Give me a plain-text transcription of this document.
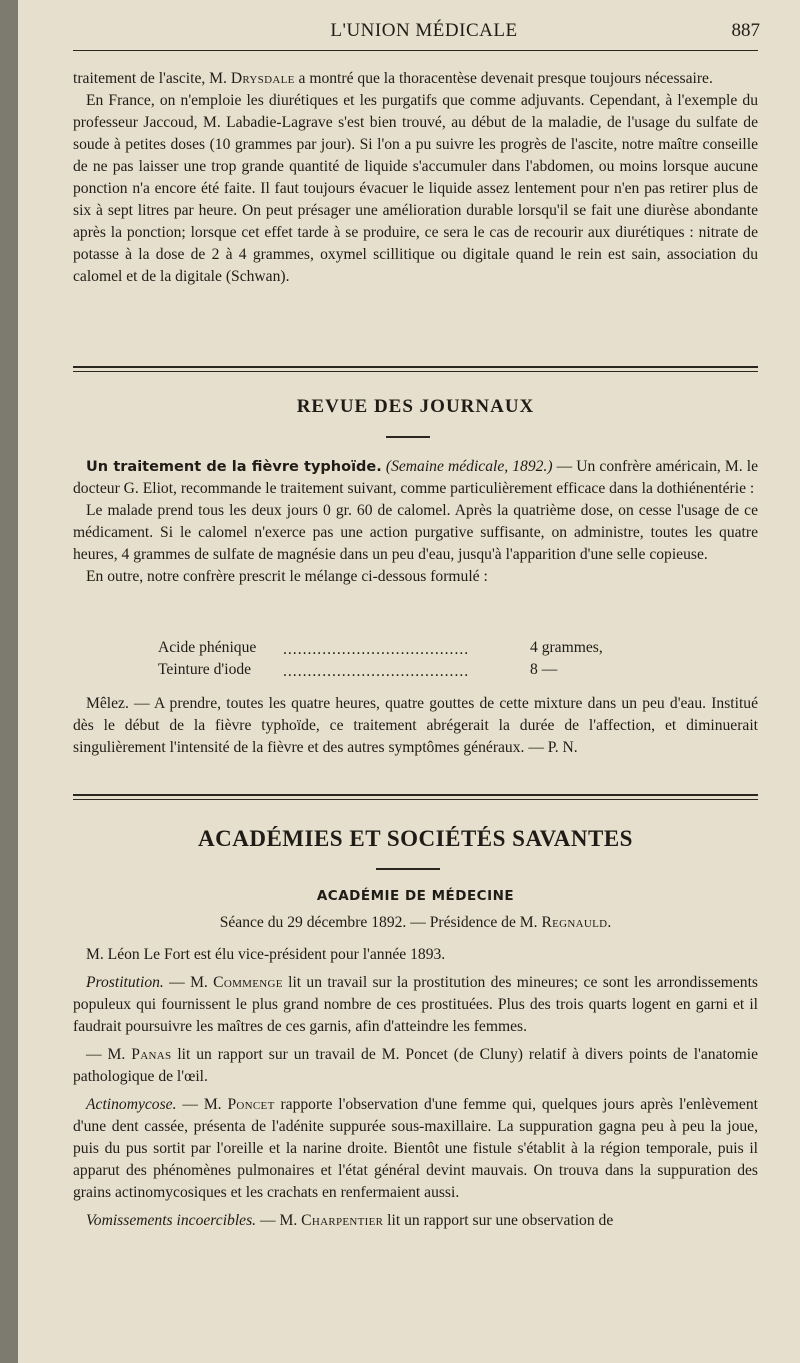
L'UNION MÉDICALE	887

traitement de l'ascite, M. Drysdale a montré que la thoracentèse devenait presque toujours nécessaire.

En France, on n'emploie les diurétiques et les purgatifs que comme adjuvants. Cependant, à l'exemple du professeur Jaccoud, M. Labadie-Lagrave s'est bien trouvé, au début de la maladie, de l'usage du sulfate de soude à petites doses (10 grammes par jour). Si l'on a pu suivre les progrès de l'ascite, notre maître conseille de ne pas laisser une trop grande quantité de liquide s'accumuler dans l'abdomen, ou moins lorsque aucune ponction n'a encore été faite. Il faut toujours évacuer le liquide assez lentement pour n'en pas retirer plus de six à sept litres par heure. On peut présager une amélioration durable lorsqu'il se fait une diurèse abondante après la ponction; lorsque cet effet tarde à se produire, ce sera le cas de recourir aux diurétiques : nitrate de potasse à la dose de 2 à 4 grammes, oxymel scillitique ou digitale quand le rein est sain, association du calomel et de la digitale (Schwan).

REVUE DES JOURNAUX

Un traitement de la fièvre typhoïde. (Semaine médicale, 1892.) — Un confrère américain, M. le docteur G. Eliot, recommande le traitement suivant, comme particulièrement efficace dans la dothiénentérie :

Le malade prend tous les deux jours 0 gr. 60 de calomel. Après la quatrième dose, on cesse l'usage de ce médicament. Si le calomel n'exerce pas une action purgative suffisante, on administre, toutes les quatre heures, 4 grammes de sulfate de magnésie dans un peu d'eau, jusqu'à l'apparition d'une selle copieuse.

En outre, notre confrère prescrit le mélange ci-dessous formulé :

Acide phénique ......................................	4 grammes,
Teinture d'iode ......................................	8 —

Mêlez. — A prendre, toutes les quatre heures, quatre gouttes de cette mixture dans un peu d'eau. Institué dès le début de la fièvre typhoïde, ce traitement abrégerait la durée de l'affection, et diminuerait singulièrement l'intensité de la fièvre et des autres symptômes généraux. — P. N.

ACADÉMIES ET SOCIÉTÉS SAVANTES
ACADÉMIE DE MÉDECINE
Séance du 29 décembre 1892. — Présidence de M. Regnauld.

M. Léon Le Fort est élu vice-président pour l'année 1893.

Prostitution. — M. Commenge lit un travail sur la prostitution des mineures; ce sont les arrondissements populeux qui fournissent le plus grand nombre de ces prostituées. Plus des trois quarts logent en garni et il faudrait poursuivre les maîtres de ces garnis, afin d'atteindre les femmes.

— M. Panas lit un rapport sur un travail de M. Poncet (de Cluny) relatif à divers points de l'anatomie pathologique de l'œil.

Actinomycose. — M. Poncet rapporte l'observation d'une femme qui, quelques jours après l'enlèvement d'une dent cassée, présenta de l'adénite suppurée sous-maxillaire. La suppuration gagna peu à peu la joue, puis du pus sortit par l'oreille et la narine droite. Bientôt une fistule s'établit à la région temporale, puis il apparut des phénomènes pulmonaires et l'état général devint mauvais. On trouva dans la suppuration des grains actinomycosiques et les crachats en renfermaient aussi.

Vomissements incoercibles. — M. Charpentier lit un rapport sur une observation de
